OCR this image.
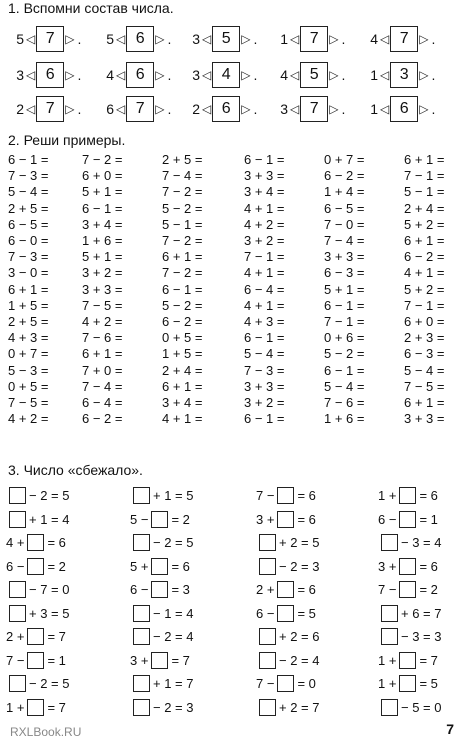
1. Вспомни состав числа.
5 ◁ 7 ▷ . 5 ◁ 6 ▷ . 3 ◁ 5 ▷ . 1 ◁ 7 ▷ . 4 ◁ 7 ▷ .
3 ◁ 6 ▷ . 4 ◁ 6 ▷ . 3 ◁ 4 ▷ . 4 ◁ 5 ▷ . 1 ◁ 3 ▷ .
2 ◁ 7 ▷ . 6 ◁ 7 ▷ . 2 ◁ 6 ▷ . 3 ◁ 7 ▷ . 1 ◁ 6 ▷ .
2. Реши примеры.
6 − 1 =
7 − 3 =
5 − 4 =
2 + 5 =
6 − 5 =
6 − 0 =
7 − 3 =
3 − 0 =
6 + 1 =
1 + 5 =
2 + 5 =
4 + 3 =
0 + 7 =
5 − 3 =
0 + 5 =
7 − 5 =
4 + 2 =
7 − 2 =
6 + 0 =
5 + 1 =
6 − 1 =
3 + 4 =
1 + 6 =
5 + 1 =
3 + 2 =
3 + 3 =
7 − 5 =
4 + 2 =
7 − 6 =
6 + 1 =
7 + 0 =
7 − 4 =
6 − 4 =
6 − 2 =
2 + 5 =
7 − 4 =
7 − 2 =
5 − 2 =
5 − 1 =
7 − 2 =
6 + 1 =
7 − 2 =
6 − 1 =
5 − 2 =
6 − 2 =
0 + 5 =
1 + 5 =
2 + 4 =
6 + 1 =
3 + 4 =
4 + 1 =
6 − 1 =
3 + 3 =
3 + 4 =
4 + 1 =
4 + 2 =
3 + 2 =
7 − 1 =
4 + 1 =
6 − 4 =
4 + 1 =
4 + 3 =
6 − 1 =
5 − 4 =
7 − 3 =
3 + 3 =
3 + 2 =
6 − 1 =
0 + 7 =
6 − 2 =
1 + 4 =
6 − 5 =
7 − 0 =
7 − 4 =
3 + 3 =
6 − 3 =
5 + 1 =
6 − 1 =
7 − 1 =
0 + 6 =
5 − 2 =
6 − 1 =
5 − 4 =
7 − 6 =
1 + 6 =
6 + 1 =
7 − 1 =
5 − 1 =
2 + 4 =
5 + 2 =
6 + 1 =
6 − 2 =
4 + 1 =
5 + 2 =
7 − 1 =
6 + 0 =
2 + 3 =
6 − 3 =
5 − 4 =
7 − 5 =
6 + 1 =
3 + 3 =
3. Число «сбежало».
− 2 = 5
+ 1 = 4
4 + = 6
6 − = 2
− 7 = 0
+ 3 = 5
2 + = 7
7 − = 1
− 2 = 5
1 + = 7
+ 1 = 5
5 − = 2
− 2 = 5
5 + = 6
6 − = 3
− 1 = 4
− 2 = 4
3 + = 7
+ 1 = 7
− 2 = 3
7 − = 6
3 + = 6
+ 2 = 5
− 2 = 3
2 + = 6
6 − = 5
+ 2 = 6
− 2 = 4
7 − = 0
+ 2 = 7
1 + = 6
6 − = 1
− 3 = 4
3 + = 6
7 − = 2
+ 6 = 7
− 3 = 3
1 + = 7
1 + = 5
− 5 = 0
7
RXLBook.RU
